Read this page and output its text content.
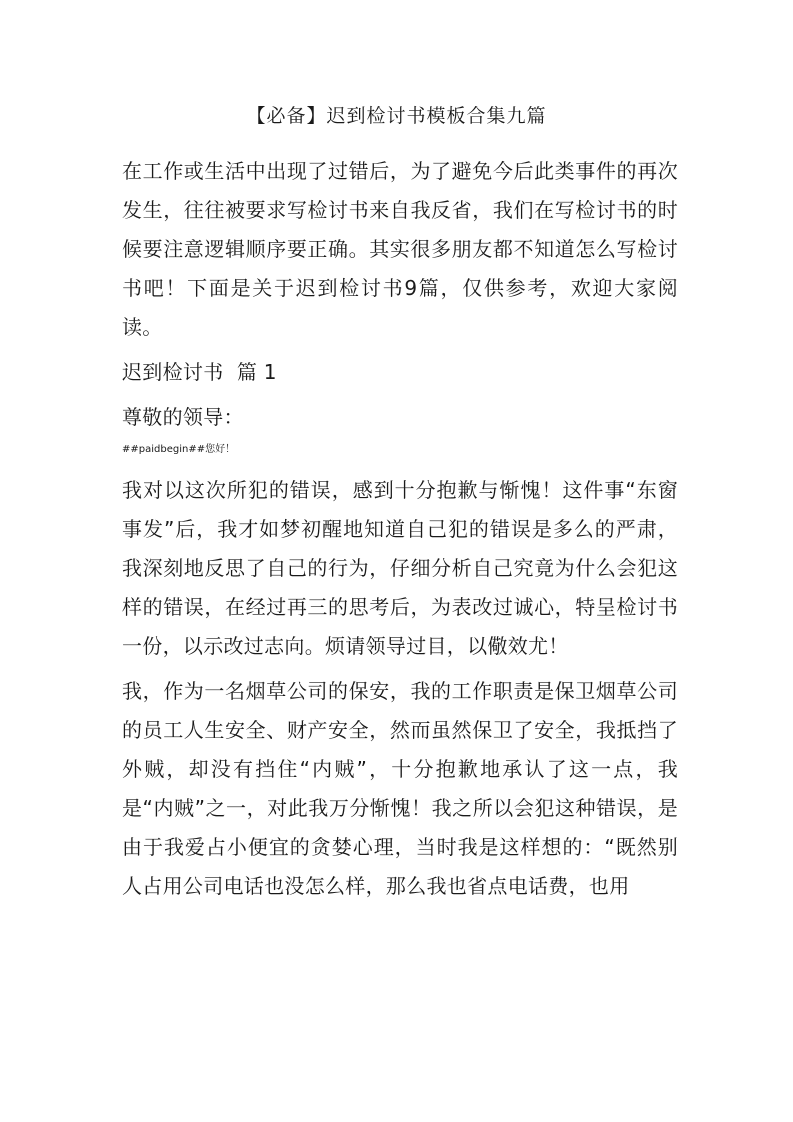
【必备】迟到检讨书模板合集九篇

在工作或生活中出现了过错后，为了避免今后此类事件的再次发生，往往被要求写检讨书来自我反省，我们在写检讨书的时候要注意逻辑顺序要正确。其实很多朋友都不知道怎么写检讨书吧！下面是关于迟到检讨书9篇，仅供参考，欢迎大家阅读。

迟到检讨书  篇 1

尊敬的领导：

##paidbegin##您好！

我对以这次所犯的错误，感到十分抱歉与惭愧！这件事“东窗事发”后，我才如梦初醒地知道自己犯的错误是多么的严肃，我深刻地反思了自己的行为，仔细分析自己究竟为什么会犯这样的错误，在经过再三的思考后，为表改过诚心，特呈检讨书一份，以示改过志向。烦请领导过目，以儆效尤！

我，作为一名烟草公司的保安，我的工作职责是保卫烟草公司的员工人生安全、财产安全，然而虽然保卫了安全，我抵挡了外贼，却没有挡住“内贼”，十分抱歉地承认了这一点，我是“内贼”之一，对此我万分惭愧！我之所以会犯这种错误，是由于我爱占小便宜的贪婪心理，当时我是这样想的：“既然别人占用公司电话也没怎么样，那么我也省点电话费，也用
